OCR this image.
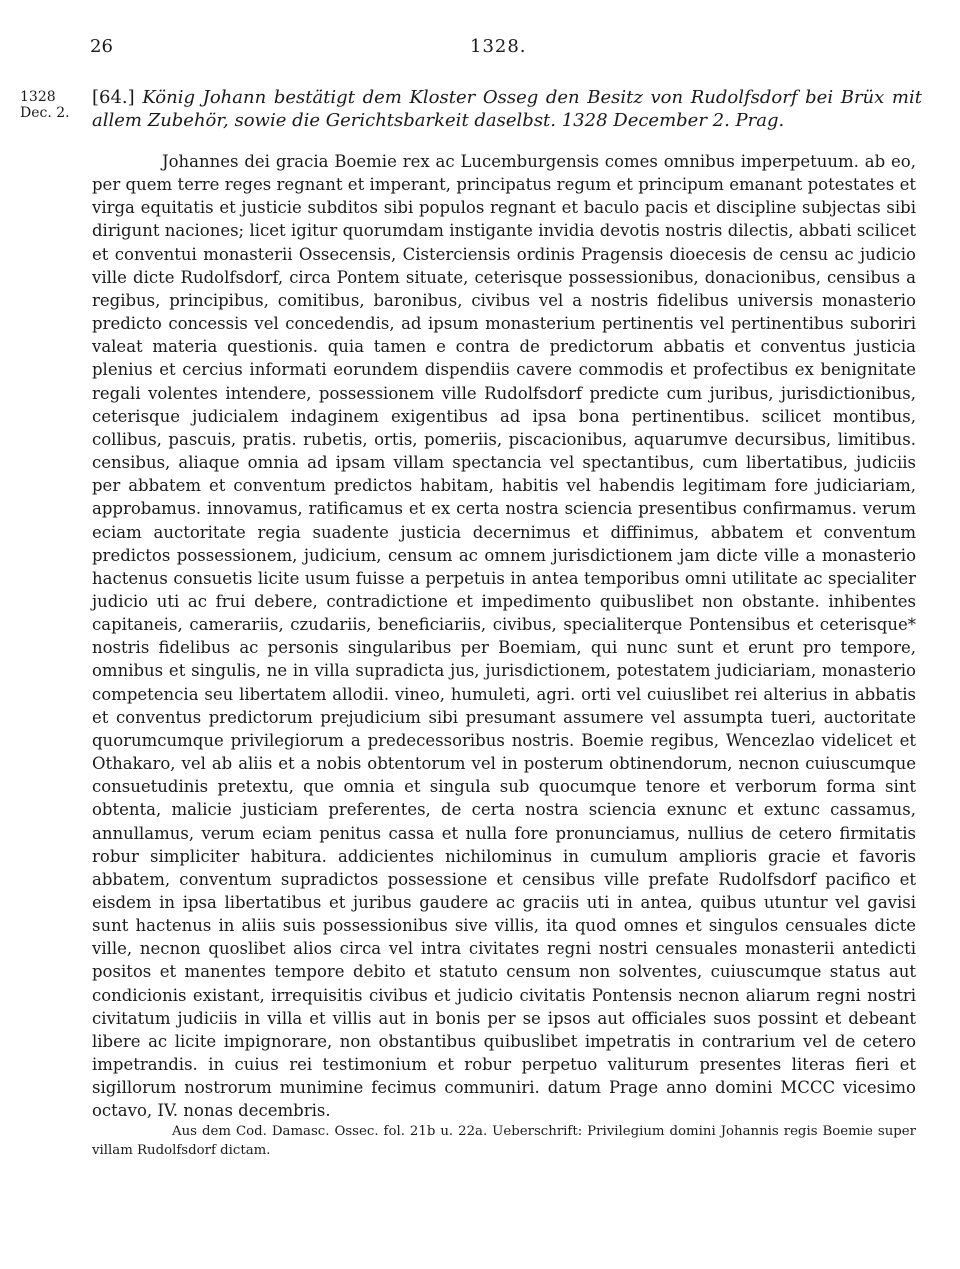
26	1328.
1328
Dec. 2.
[64.] König Johann bestätigt dem Kloster Osseg den Besitz von Rudolfsdorf bei Brüx mit allem Zubehör, sowie die Gerichtsbarkeit daselbst. 1328 December 2. Prag.

Johannes dei gracia Boemie rex ac Lucemburgensis comes omnibus imperpetuum. ab eo, per quem terre reges regnant et imperant, principatus regum et principum emanant potestates et virga equitatis et justicie subditos sibi populos regnant et baculo pacis et discipline subjectas sibi dirigunt naciones; licet igitur quorumdam instigante invidia devotis nostris dilectis, abbati scilicet et conventui monasterii Ossecensis, Cisterciensis ordinis Pragensis dioecesis de censu ac judicio ville dicte Rudolfsdorf, circa Pontem situate, ceterisque possessionibus, donacionibus, censibus a regibus, principibus, comitibus, baronibus, civibus vel a nostris fidelibus universis monasterio predicto concessis vel concedendis, ad ipsum monasterium pertinentis vel pertinentibus suboriri valeat materia questionis. quia tamen e contra de predictorum abbatis et conventus justicia plenius et cercius informati eorundem dispendiis cavere commodis et profectibus ex benignitate regali volentes intendere, possessionem ville Rudolfsdorf predicte cum juribus, jurisdictionibus, ceterisque judicialem indaginem exigentibus ad ipsa bona pertinentibus. scilicet montibus, collibus, pascuis, pratis. rubetis, ortis, pomeriis, piscacionibus, aquarumve decursibus, limitibus. censibus, aliaque omnia ad ipsam villam spectancia vel spectantibus, cum libertatibus, judiciis per abbatem et conventum predictos habitam, habitis vel habendis legitimam fore judiciariam, approbamus. innovamus, ratificamus et ex certa nostra sciencia presentibus confirmamus. verum eciam auctoritate regia suadente justicia decernimus et diffinimus, abbatem et conventum predictos possessionem, judicium, censum ac omnem jurisdictionem jam dicte ville a monasterio hactenus consuetis licite usum fuisse a perpetuis in antea temporibus omni utilitate ac specialiter judicio uti ac frui debere, contradictione et impedimento quibuslibet non obstante. inhibentes capitaneis, camerariis, czudariis, beneficiariis, civibus, specialiterque Pontensibus et ceterisque* nostris fidelibus ac personis singularibus per Boemiam, qui nunc sunt et erunt pro tempore, omnibus et singulis, ne in villa supradicta jus, jurisdictionem, potestatem judiciariam, monasterio competencia seu libertatem allodii. vineo, humuleti, agri. orti vel cuiuslibet rei alterius in abbatis et conventus predictorum prejudicium sibi presumant assumere vel assumpta tueri, auctoritate quorumcumque privilegiorum a predecessoribus nostris. Boemie regibus, Wencezlao videlicet et Othakaro, vel ab aliis et a nobis obtentorum vel in posterum obtinendorum, necnon cuiuscumque consuetudinis pretextu, que omnia et singula sub quocumque tenore et verborum forma sint obtenta, malicie justiciam preferentes, de certa nostra sciencia exnunc et extunc cassamus, annullamus, verum eciam penitus cassa et nulla fore pronunciamus, nullius de cetero firmitatis robur simpliciter habitura. addicientes nichilominus in cumulum amplioris gracie et favoris abbatem, conventum supradictos possessione et censibus ville prefate Rudolfsdorf pacifico et eisdem in ipsa libertatibus et juribus gaudere ac graciis uti in antea, quibus utuntur vel gavisi sunt hactenus in aliis suis possessionibus sive villis, ita quod omnes et singulos censuales dicte ville, necnon quoslibet alios circa vel intra civitates regni nostri censuales monasterii antedicti positos et manentes tempore debito et statuto censum non solventes, cuiuscumque status aut condicionis existant, irrequisitis civibus et judicio civitatis Pontensis necnon aliarum regni nostri civitatum judiciis in villa et villis aut in bonis per se ipsos aut officiales suos possint et debeant libere ac licite impignorare, non obstantibus quibuslibet impetratis in contrarium vel de cetero impetrandis. in cuius rei testimonium et robur perpetuo valiturum presentes literas fieri et sigillorum nostrorum munimine fecimus communiri. datum Prage anno domini MCCC vicesimo octavo, IV. nonas decembris.

Aus dem Cod. Damasc. Ossec. fol. 21b u. 22a. Ueberschrift: Privilegium domini Johannis regis Boemie super villam Rudolfsdorf dictam.
